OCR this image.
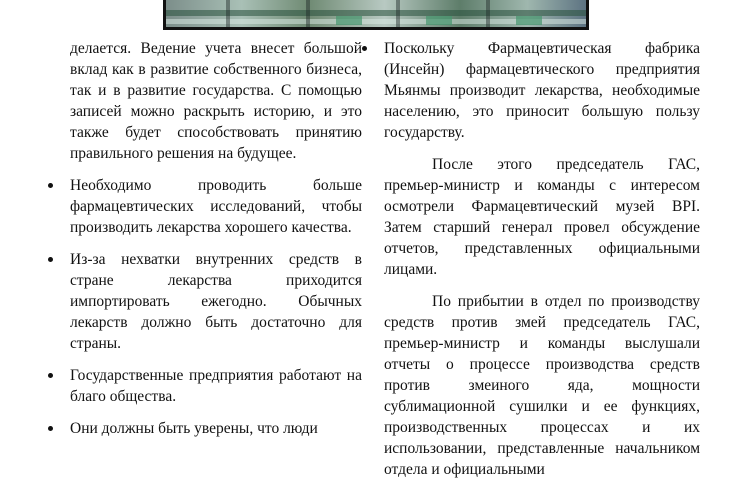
делается. Ведение учета внесет большой вклад как в развитие собственного бизнеса, так и в развитие государства. С помощью записей можно раскрыть историю, и это также будет способствовать принятию правильного решения на будущее.

Необходимо проводить больше фармацевтических исследований, чтобы производить лекарства хорошего качества.

Из-за нехватки внутренних средств в стране лекарства приходится импортировать ежегодно. Обычных лекарств должно быть достаточно для страны.

Государственные предприятия работают на благо общества.

Они должны быть уверены, что люди

Поскольку Фармацевтическая фабрика (Инсейн) фармацевтического предприятия Мьянмы производит лекарства, необходимые населению, это приносит большую пользу государству.

После этого председатель ГАС, премьер-министр и команды с интересом осмотрели Фармацевтический музей BPI. Затем старший генерал провел обсуждение отчетов, представленных официальными лицами.

По прибытии в отдел по производству средств против змей председатель ГАС, премьер-министр и команды выслушали отчеты о процессе производства средств против змеиного яда, мощности сублимационной сушилки и ее функциях, производственных процессах и их использовании, представленные начальником отдела и официальными
